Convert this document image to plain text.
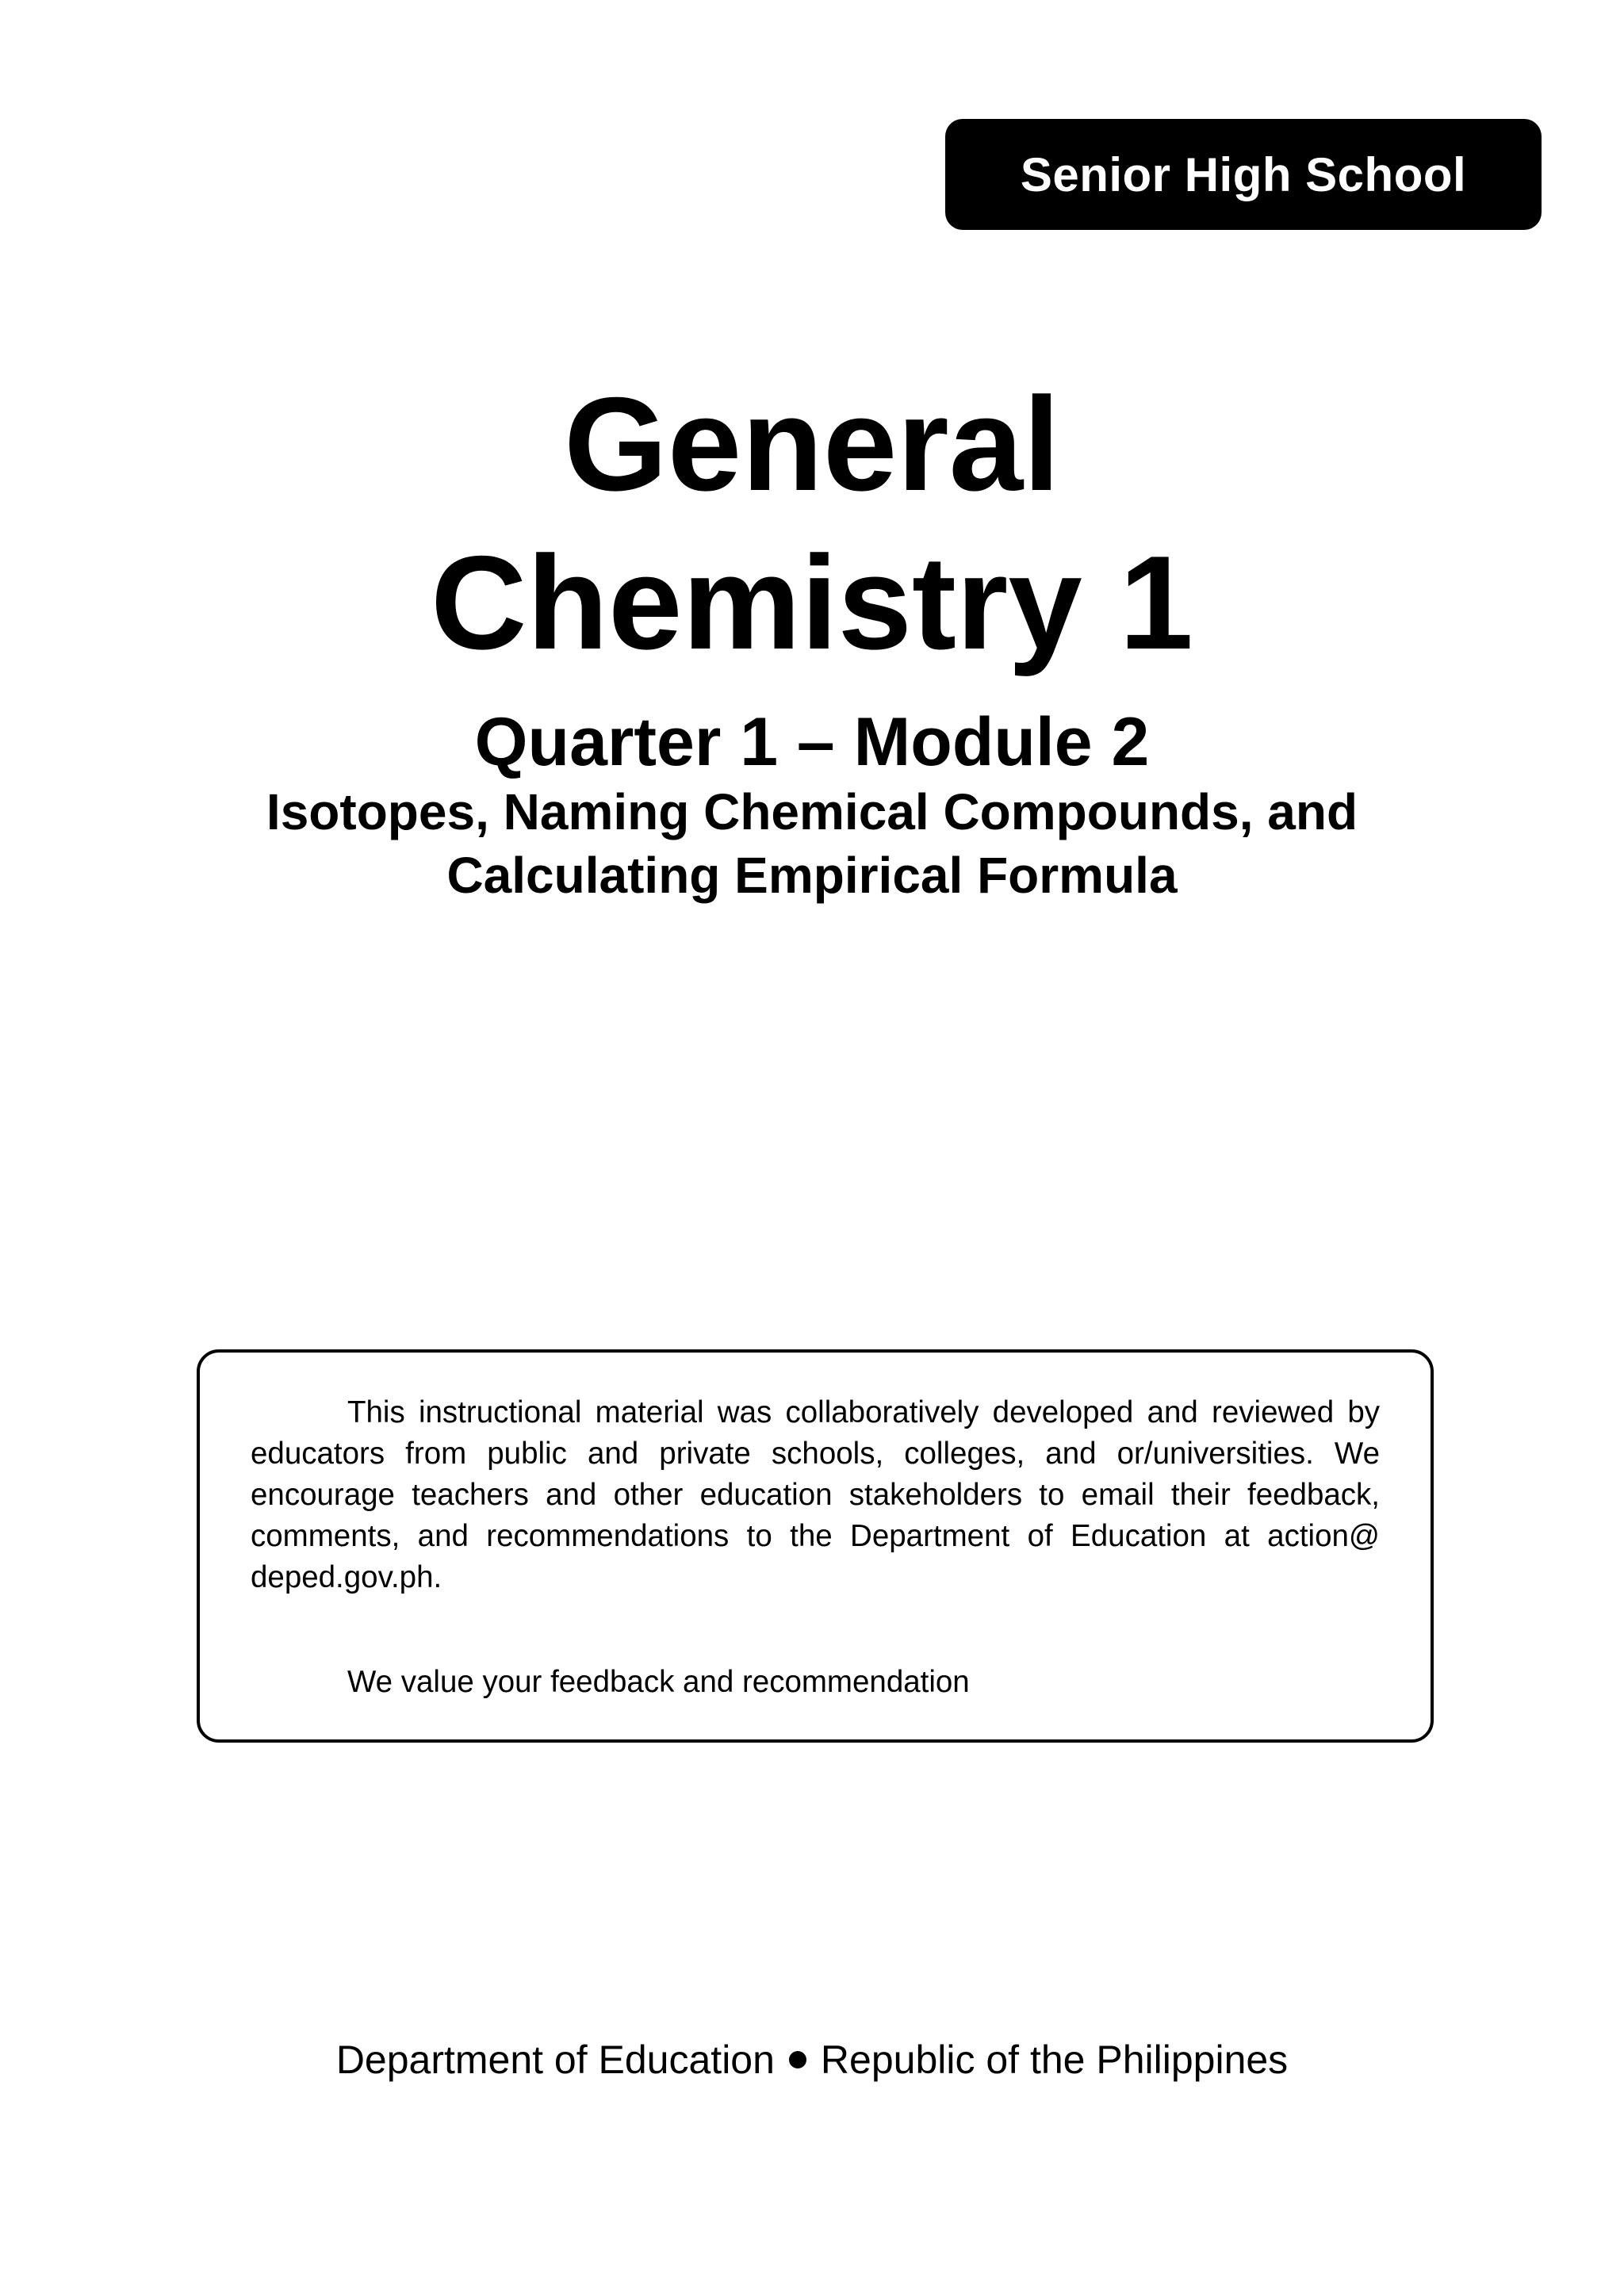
Senior High School
General
Chemistry 1
Quarter 1 – Module 2
Isotopes, Naming Chemical Compounds, and
Calculating Empirical Formula

This instructional material was collaboratively developed and reviewed by educators from public and private schools, colleges, and or/universities. We encourage teachers and other education stakeholders to email their feedback, comments, and recommendations to the Department of Education at action@ deped.gov.ph.

We value your feedback and recommendation

Department of Education Republic of the Philippines
